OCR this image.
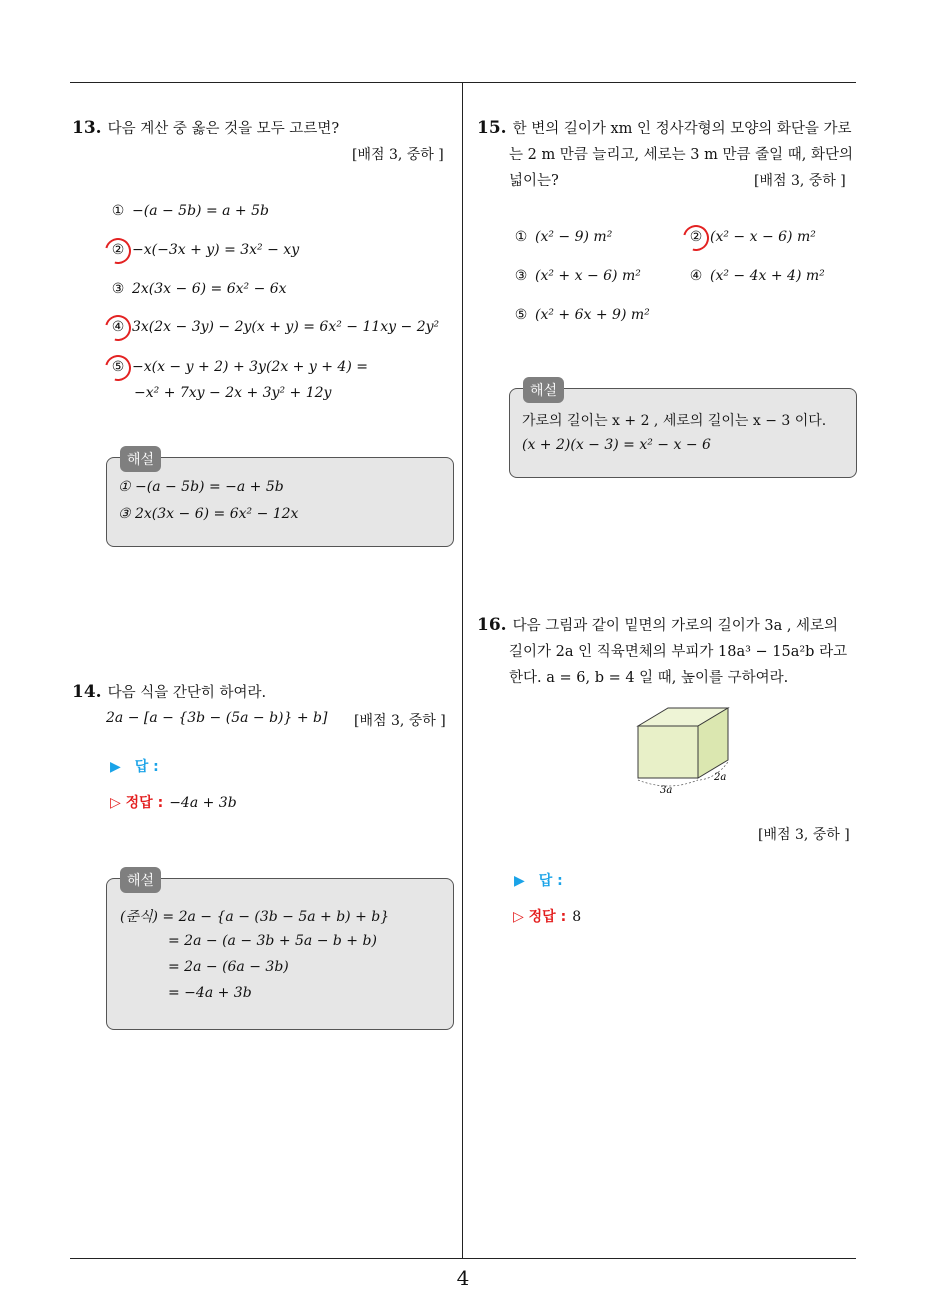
13. 다음 계산 중 옳은 것을 모두 고르면?
[배점 3, 중하 ]
① −(a − 5b) = a + 5b
② −x(−3x + y) = 3x² − xy
③ 2x(3x − 6) = 6x² − 6x
④ 3x(2x − 3y) − 2y(x + y) = 6x² − 11xy − 2y²
⑤ −x(x − y + 2) + 3y(2x + y + 4) =
−x² + 7xy − 2x + 3y² + 12y
해설
① −(a − 5b) = −a + 5b
③ 2x(3x − 6) = 6x² − 12x
14. 다음 식을 간단히 하여라.
2a − [a − {3b − (5a − b)} + b] [배점 3, 중하 ]
▶ 답 :
▷ 정답 : −4a + 3b
해설
(준식) = 2a − {a − (3b − 5a + b) + b}
= 2a − (a − 3b + 5a − b + b)
= 2a − (6a − 3b)
= −4a + 3b
15. 한 변의 길이가 xm 인 정사각형의 모양의 화단을 가로
는 2 m 만큼 늘리고, 세로는 3 m 만큼 줄일 때, 화단의
넓이는?	[배점 3, 중하 ]
① (x² − 9) m²	② (x² − x − 6) m²
③ (x² + x − 6) m²	④ (x² − 4x + 4) m²
⑤ (x² + 6x + 9) m²
해설
가로의 길이는 x + 2 , 세로의 길이는 x − 3 이다.
(x + 2)(x − 3) = x² − x − 6
16. 다음 그림과 같이 밑면의 가로의 길이가 3a , 세로의
길이가 2a 인 직육면체의 부피가 18a³ − 15a²b 라고
한다. a = 6, b = 4 일 때, 높이를 구하여라.
3a
2a
[배점 3, 중하 ]
▶ 답 :
▷ 정답 : 8
4
